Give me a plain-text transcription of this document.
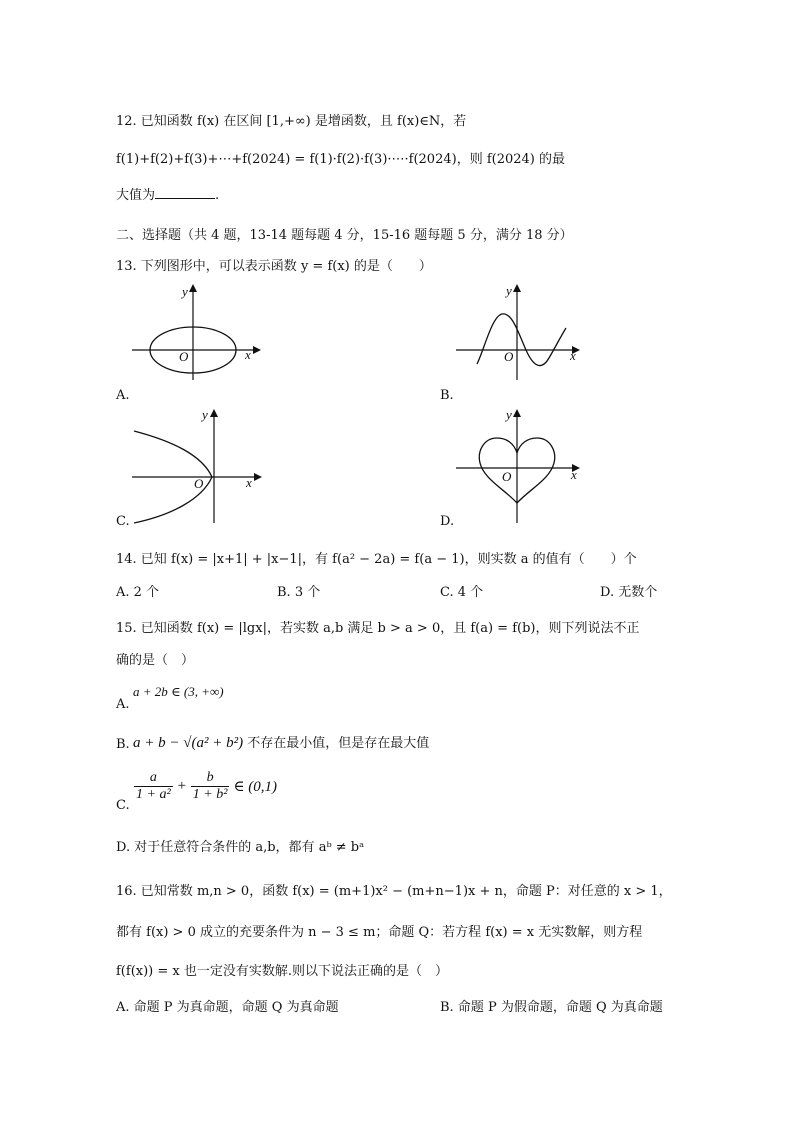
12. 已知函数 f(x) 在区间 [1,+∞) 是增函数，且 f(x)∈N，若
f(1)+f(2)+f(3)+⋯+f(2024) = f(1)·f(2)·f(3)·⋯·f(2024)，则 f(2024) 的最
大值为	.
二、选择题（共 4 题，13-14 题每题 4 分，15-16 题每题 5 分，满分 18 分）
13. 下列图形中，可以表示函数 y = f(x) 的是（　　）
x
y
O
A.
x
y
O
B.
x
y
O
C.
x
y
O
D.
14. 已知 f(x) = |x+1| + |x−1|，有 f(a² − 2a) = f(a − 1)，则实数 a 的值有（　　）个
A. 2 个	B. 3 个	C. 4 个	D. 无数个
15. 已知函数 f(x) = |lgx|，若实数 a,b 满足 b > a > 0，且 f(a) = f(b)，则下列说法不正
确的是（　）
A.
a + 2b ∈ (3, +∞)
B. a + b − √(a² + b²) 不存在最小值，但是存在最大值
C.
$\frac{a}{\text{1 + a²}} + \frac{b}{\text{1 + b²}}$ ∈ (0,1)
D. 对于任意符合条件的 a,b，都有 aᵇ ≠ bᵃ
16. 已知常数 m,n > 0，函数 f(x) = (m+1)x² − (m+n−1)x + n，命题 P：对任意的 x > 1，
都有 f(x) > 0 成立的充要条件为 n − 3 ≤ m；命题 Q：若方程 f(x) = x 无实数解，则方程
f(f(x)) = x 也一定没有实数解.则以下说法正确的是（　）
A. 命题 P 为真命题，命题 Q 为真命题	B. 命题 P 为假命题，命题 Q 为真命题
